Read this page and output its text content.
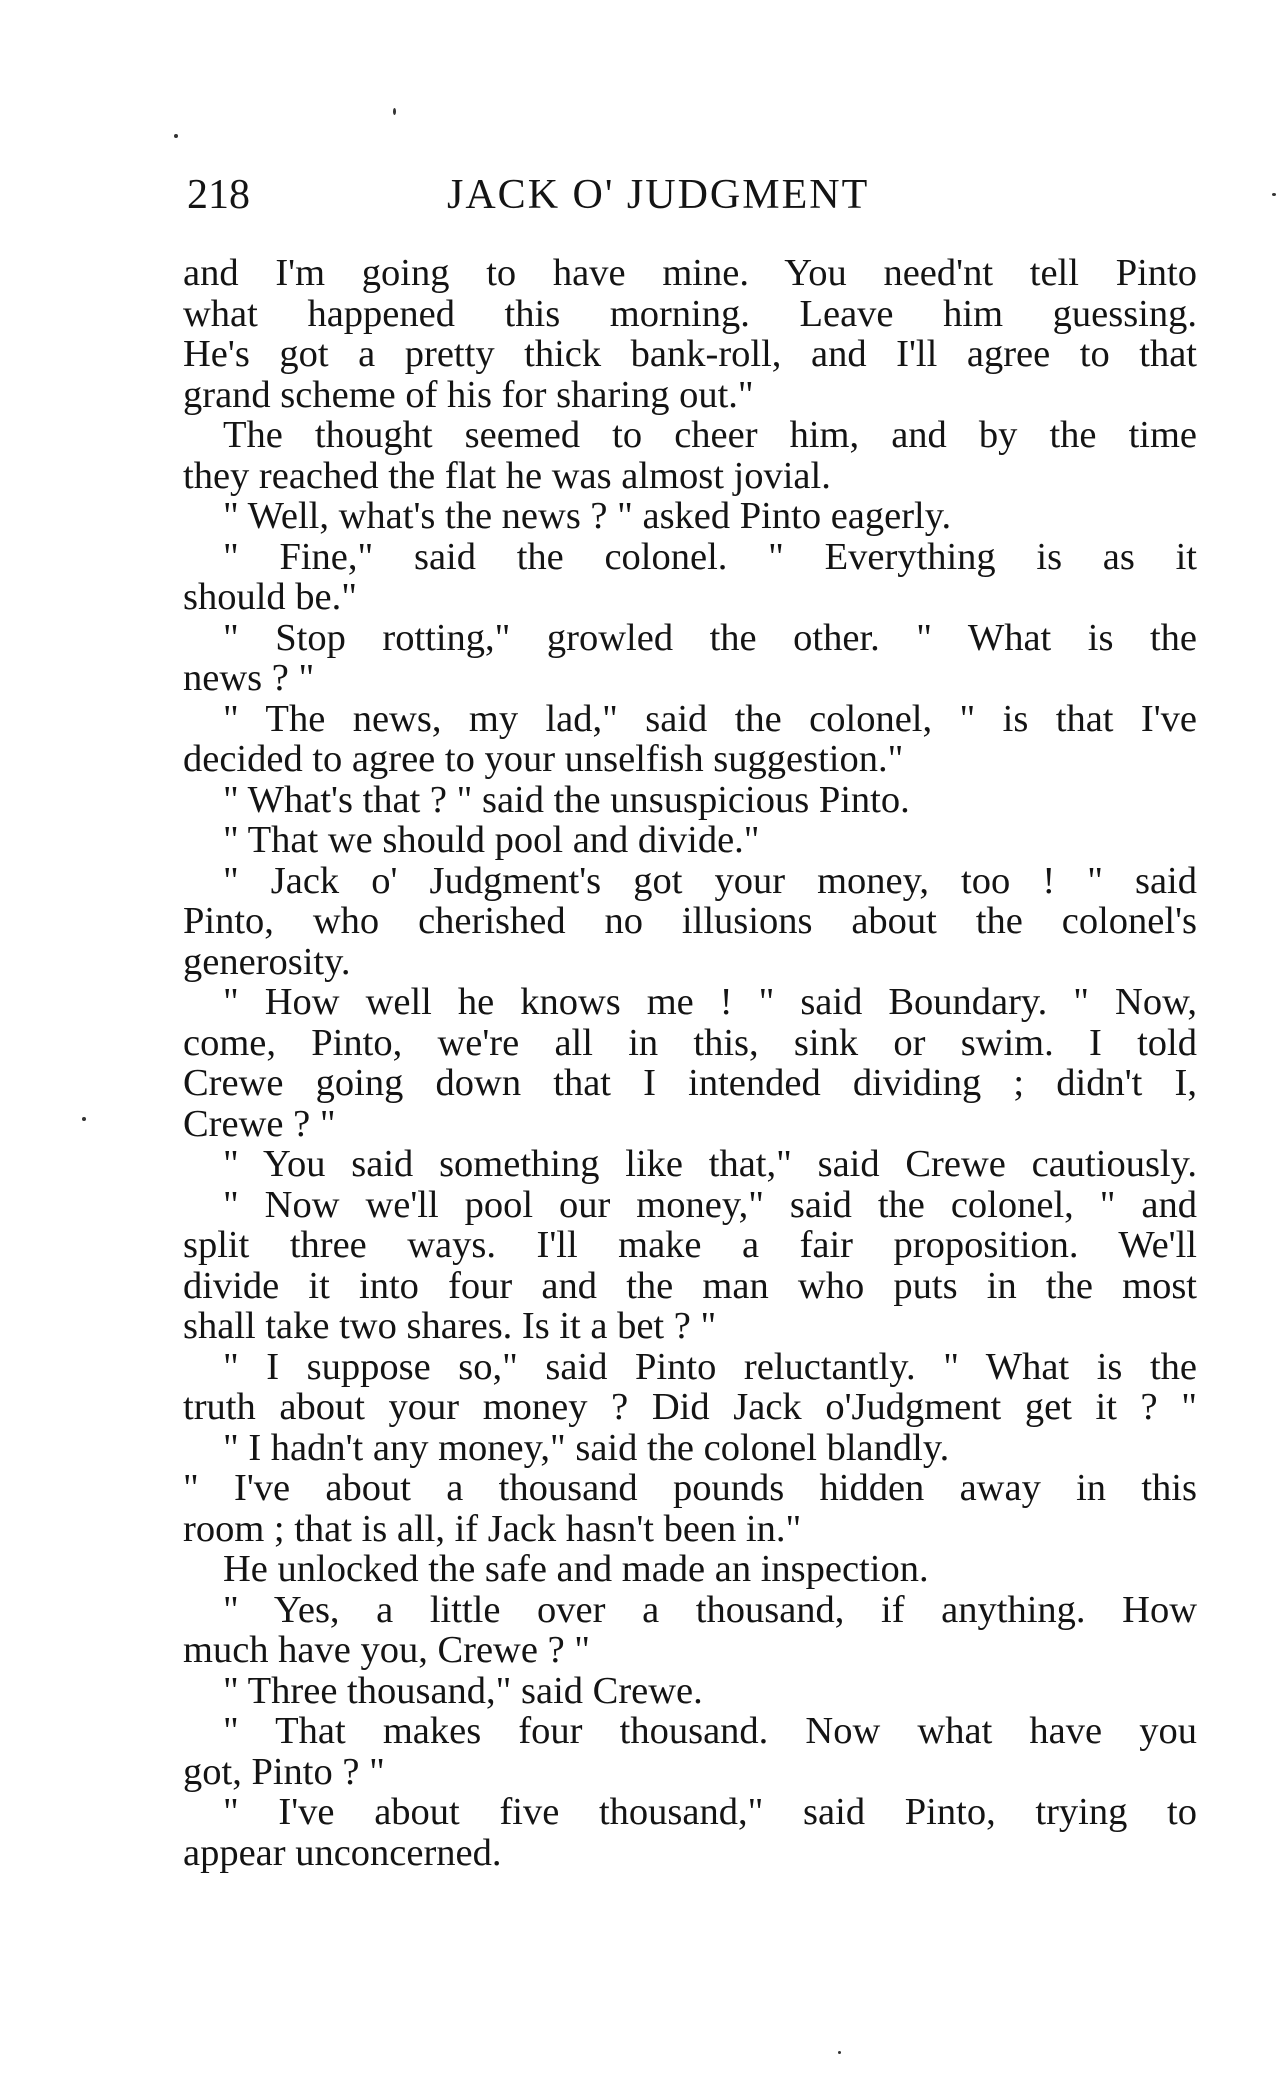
218	JACK O' JUDGMENT
and I'm going to have mine. You need'nt tell Pinto
what happened this morning. Leave him guessing.
He's got a pretty thick bank-roll, and I'll agree to that
grand scheme of his for sharing out."
The thought seemed to cheer him, and by the time
they reached the flat he was almost jovial.
" Well, what's the news ? " asked Pinto eagerly.
" Fine," said the colonel. " Everything is as it
should be."
" Stop rotting," growled the other. " What is the
news ? "
" The news, my lad," said the colonel, " is that I've
decided to agree to your unselfish suggestion."
" What's that ? " said the unsuspicious Pinto.
" That we should pool and divide."
" Jack o' Judgment's got your money, too ! " said
Pinto, who cherished no illusions about the colonel's
generosity.
" How well he knows me ! " said Boundary. " Now,
come, Pinto, we're all in this, sink or swim. I told
Crewe going down that I intended dividing ; didn't I,
Crewe ? "
" You said something like that," said Crewe cautiously.
" Now we'll pool our money," said the colonel, " and
split three ways. I'll make a fair proposition. We'll
divide it into four and the man who puts in the most
shall take two shares. Is it a bet ? "
" I suppose so," said Pinto reluctantly. " What is the
truth about your money ? Did Jack o'Judgment get it ? "
" I hadn't any money," said the colonel blandly.
" I've about a thousand pounds hidden away in this
room ; that is all, if Jack hasn't been in."
He unlocked the safe and made an inspection.
" Yes, a little over a thousand, if anything. How
much have you, Crewe ? "
" Three thousand," said Crewe.
" That makes four thousand. Now what have you
got, Pinto ? "
" I've about five thousand," said Pinto, trying to
appear unconcerned.
